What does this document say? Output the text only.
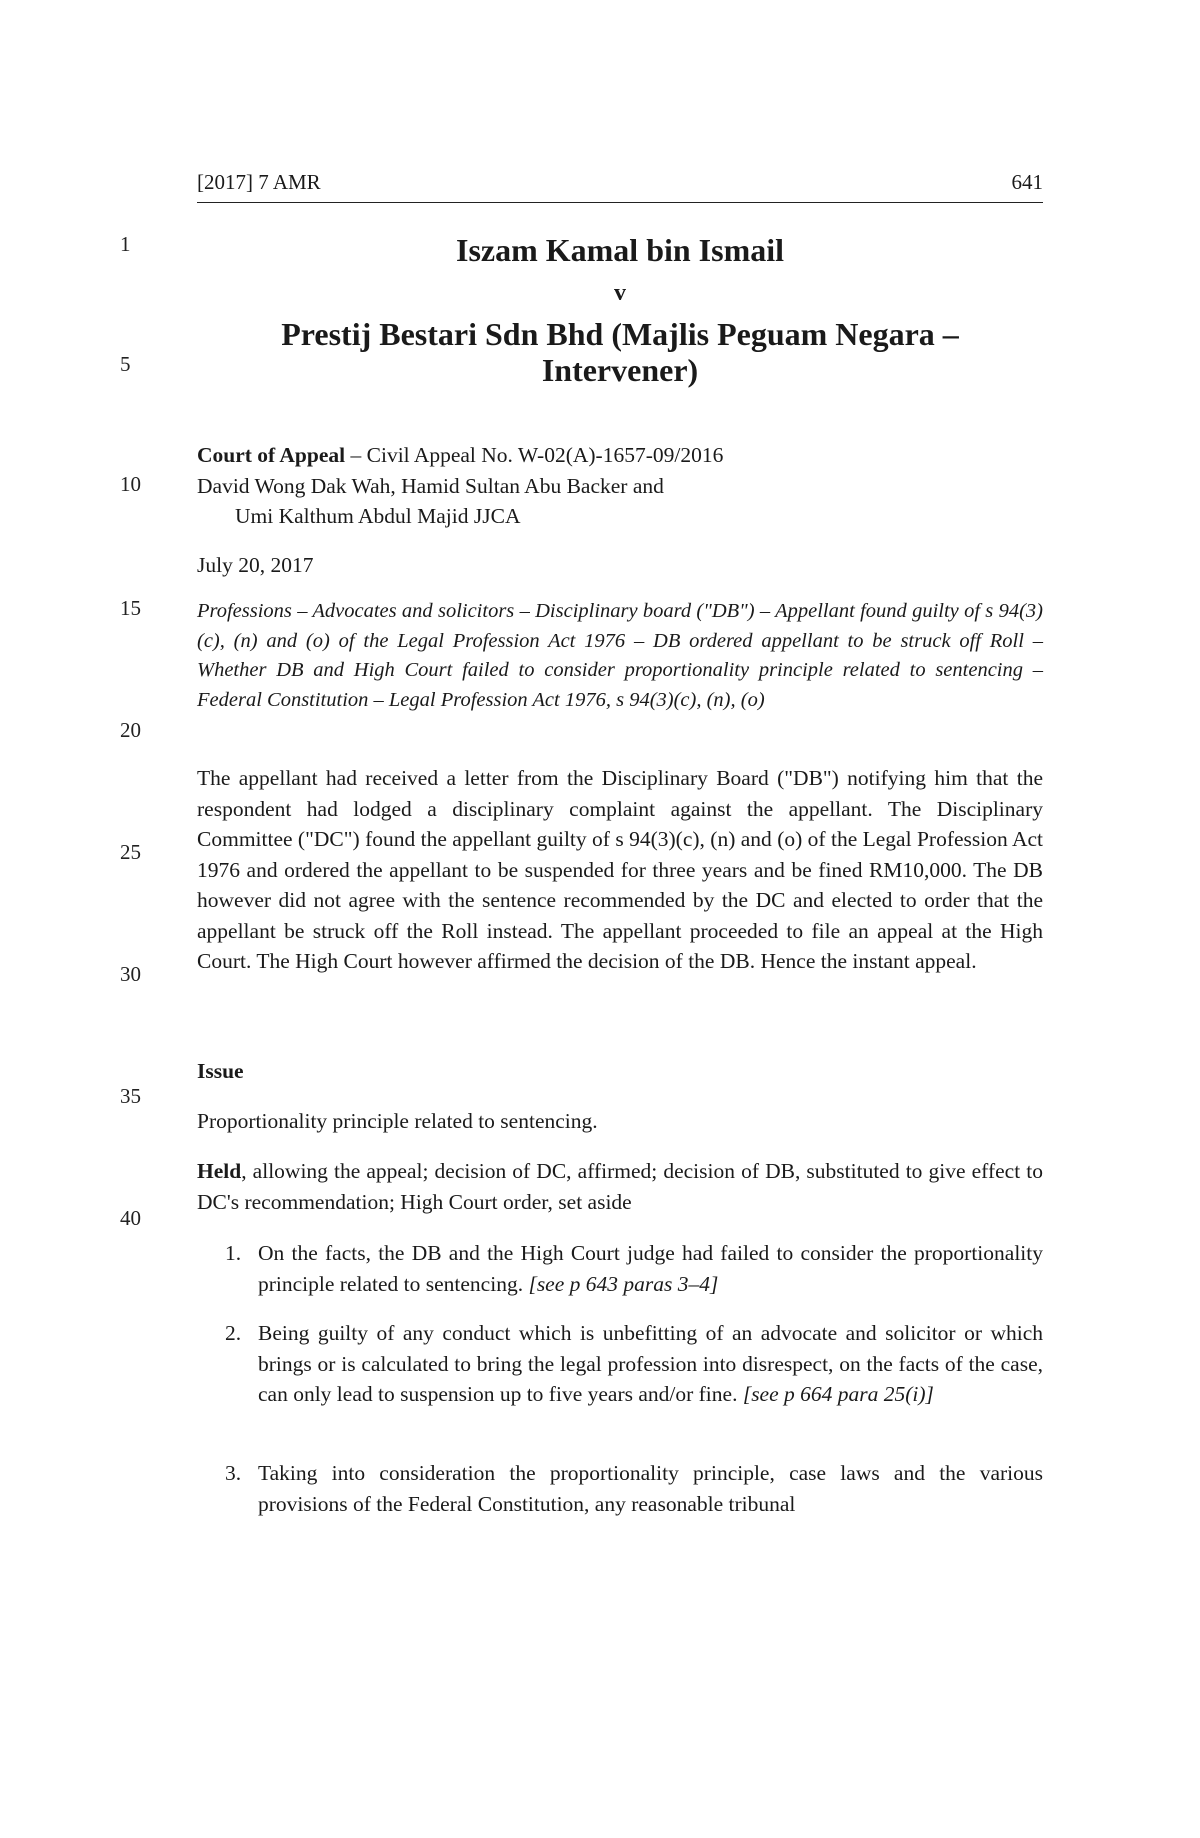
[2017] 7 AMR	641
1
5
10
15
20
25
30
35
40
Iszam Kamal bin Ismail
v
Prestij Bestari Sdn Bhd (Majlis Peguam Negara –
Intervener)
Court of Appeal – Civil Appeal No. W-02(A)-1657-09/2016
David Wong Dak Wah, Hamid Sultan Abu Backer and
Umi Kalthum Abdul Majid JJCA
July 20, 2017
Professions – Advocates and solicitors – Disciplinary board ("DB") – Appellant found guilty of s 94(3)(c), (n) and (o) of the Legal Profession Act 1976 – DB ordered appellant to be struck off Roll – Whether DB and High Court failed to consider proportionality principle related to sentencing – Federal Constitution – Legal Profession Act 1976, s 94(3)(c), (n), (o)
The appellant had received a letter from the Disciplinary Board ("DB") notifying him that the respondent had lodged a disciplinary complaint against the appellant. The Disciplinary Committee ("DC") found the appellant guilty of s 94(3)(c), (n) and (o) of the Legal Profession Act 1976 and ordered the appellant to be suspended for three years and be fined RM10,000. The DB however did not agree with the sentence recommended by the DC and elected to order that the appellant be struck off the Roll instead. The appellant proceeded to file an appeal at the High Court. The High Court however affirmed the decision of the DB. Hence the instant appeal.
Issue
Proportionality principle related to sentencing.
Held, allowing the appeal; decision of DC, affirmed; decision of DB, substituted to give effect to DC's recommendation; High Court order, set aside
1. On the facts, the DB and the High Court judge had failed to consider the proportionality principle related to sentencing. [see p 643 paras 3–4]
2. Being guilty of any conduct which is unbefitting of an advocate and solicitor or which brings or is calculated to bring the legal profession into disrespect, on the facts of the case, can only lead to suspension up to five years and/or fine. [see p 664 para 25(i)]
3. Taking into consideration the proportionality principle, case laws and the various provisions of the Federal Constitution, any reasonable tribunal
